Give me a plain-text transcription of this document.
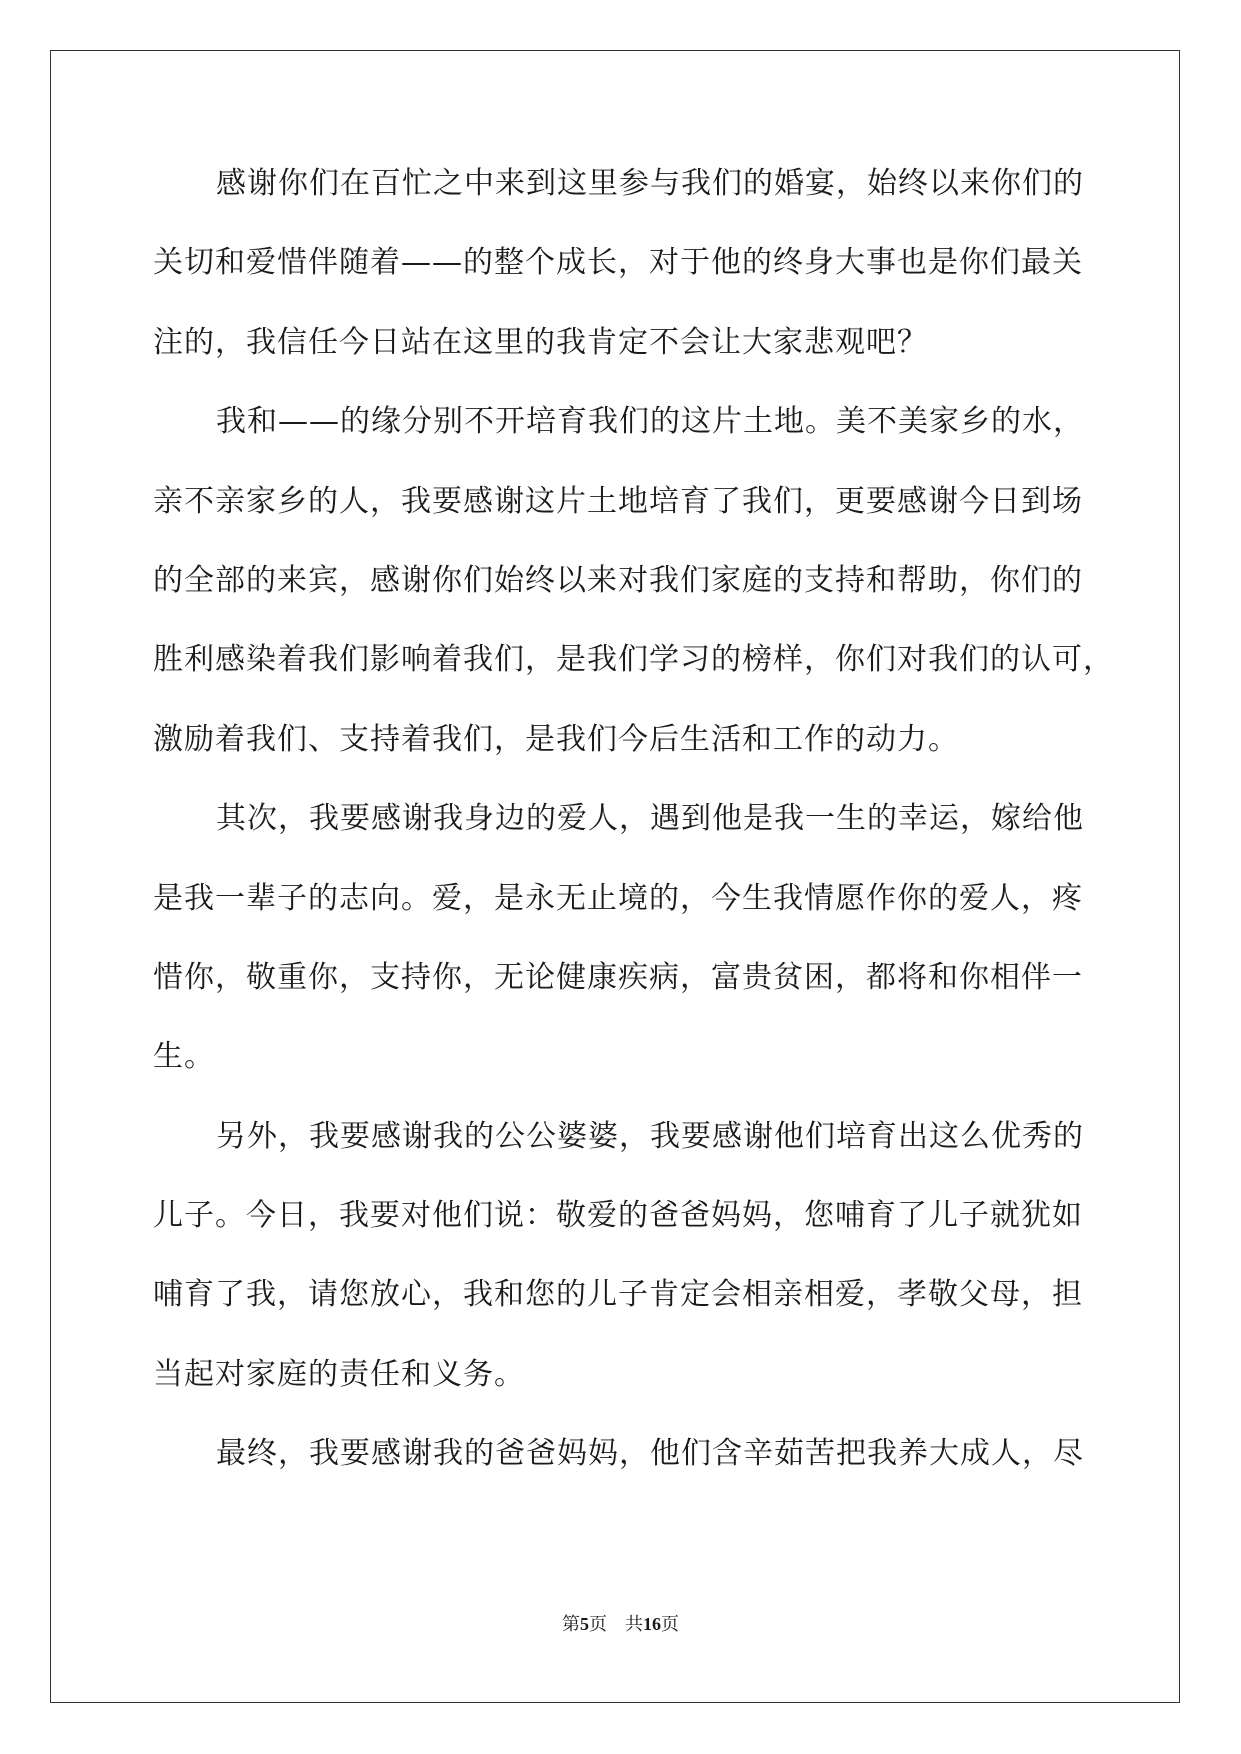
感谢你们在百忙之中来到这里参与我们的婚宴，始终以来你们的
关切和爱惜伴随着——的整个成长，对于他的终身大事也是你们最关
注的，我信任今日站在这里的我肯定不会让大家悲观吧？
我和——的缘分别不开培育我们的这片土地。美不美家乡的水，
亲不亲家乡的人，我要感谢这片土地培育了我们，更要感谢今日到场
的全部的来宾，感谢你们始终以来对我们家庭的支持和帮助，你们的
胜利感染着我们影响着我们，是我们学习的榜样，你们对我们的认可，
激励着我们、支持着我们，是我们今后生活和工作的动力。
其次，我要感谢我身边的爱人，遇到他是我一生的幸运，嫁给他
是我一辈子的志向。爱，是永无止境的，今生我情愿作你的爱人，疼
惜你，敬重你，支持你，无论健康疾病，富贵贫困，都将和你相伴一
生。
另外，我要感谢我的公公婆婆，我要感谢他们培育出这么优秀的
儿子。今日，我要对他们说：敬爱的爸爸妈妈，您哺育了儿子就犹如
哺育了我，请您放心，我和您的儿子肯定会相亲相爱，孝敬父母，担
当起对家庭的责任和义务。
最终，我要感谢我的爸爸妈妈，他们含辛茹苦把我养大成人，尽
第5页 共16页
